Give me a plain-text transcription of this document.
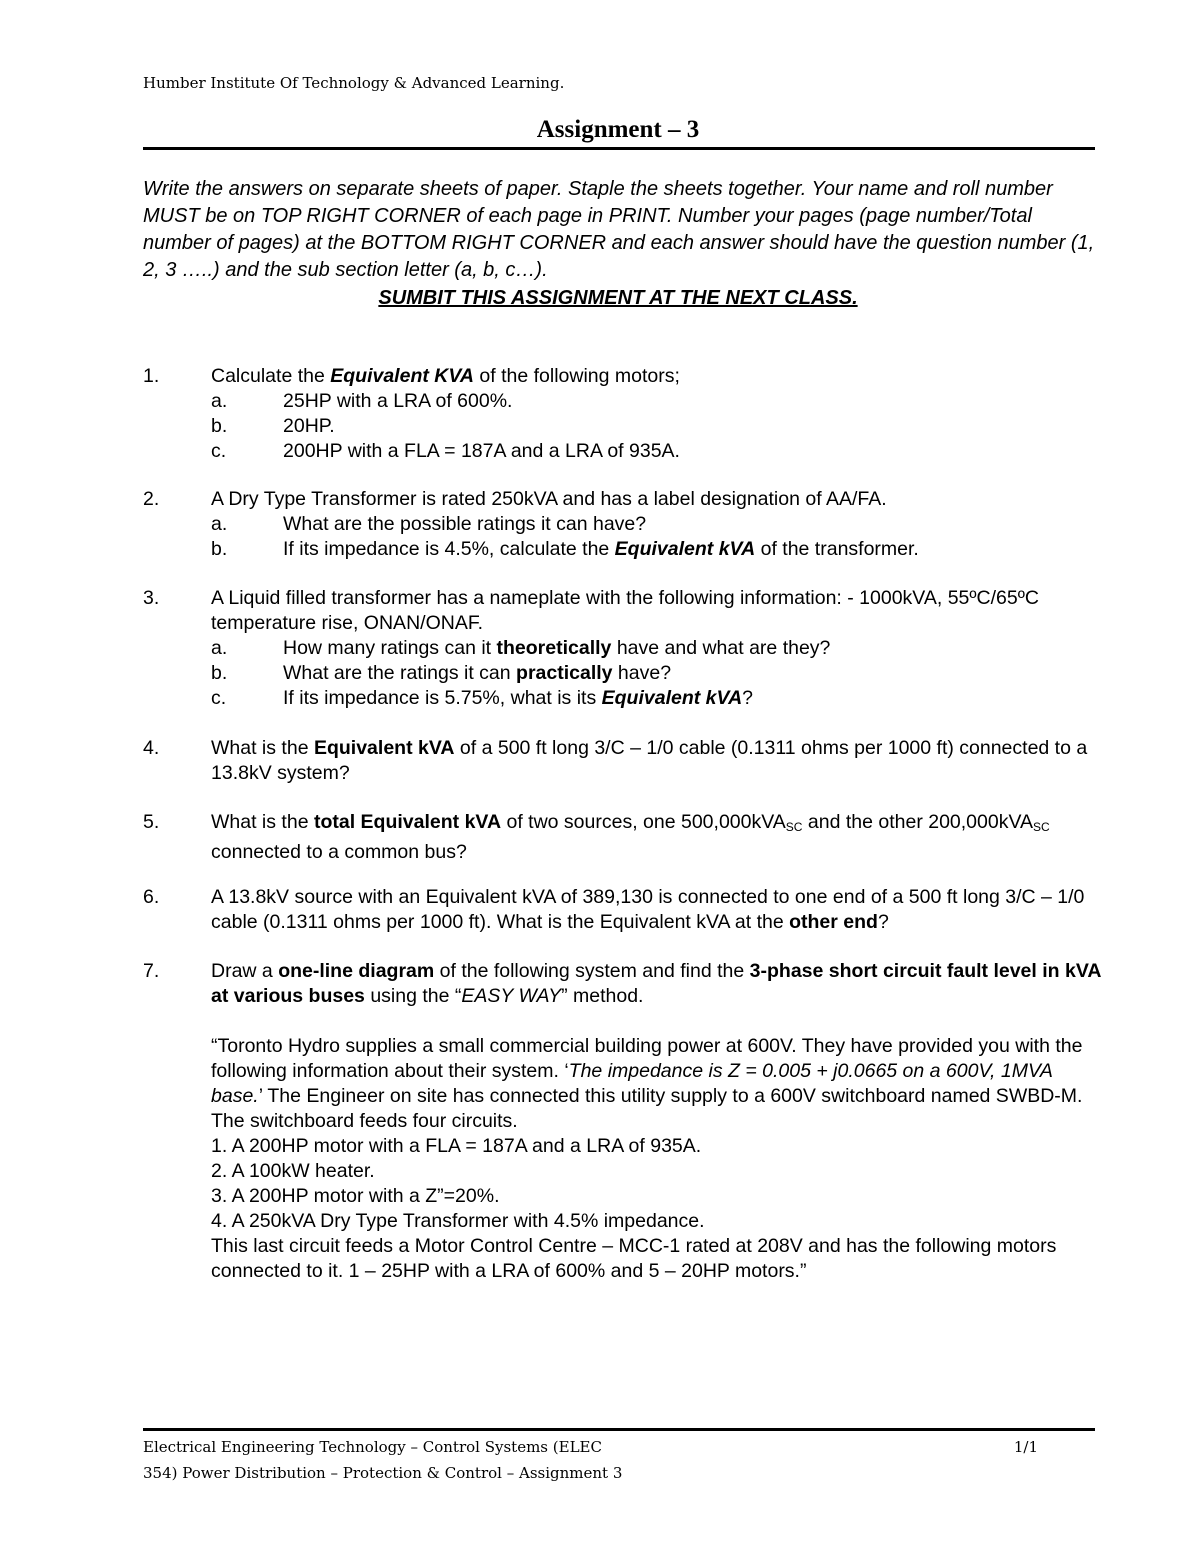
Humber Institute Of Technology & Advanced Learning.
Assignment – 3
Write the answers on separate sheets of paper. Staple the sheets together. Your name and roll number MUST be on TOP RIGHT CORNER of each page in PRINT. Number your pages (page number/Total number of pages) at the BOTTOM RIGHT CORNER and each answer should have the question number (1, 2, 3 …..) and the sub section letter (a, b, c…).
SUMBIT THIS ASSIGNMENT AT THE NEXT CLASS.
1.	Calculate the Equivalent KVA of the following motors;
a.	25HP with a LRA of 600%.
b.	20HP.
c.	200HP with a FLA = 187A and a LRA of 935A.
2.	A Dry Type Transformer is rated 250kVA and has a label designation of AA/FA.
a.	What are the possible ratings it can have?
b.	If its impedance is 4.5%, calculate the Equivalent kVA of the transformer.
3.	A Liquid filled transformer has a nameplate with the following information: - 1000kVA, 55ºC/65ºC temperature rise, ONAN/ONAF.
a.	How many ratings can it theoretically have and what are they?
b.	What are the ratings it can practically have?
c.	If its impedance is 5.75%, what is its Equivalent kVA?
4.	What is the Equivalent kVA of a 500 ft long 3/C – 1/0 cable (0.1311 ohms per 1000 ft) connected to a 13.8kV system?
5.	What is the total Equivalent kVA of two sources, one 500,000kVA$_{SC}$ and the other 200,000kVA$_{SC}$ connected to a common bus?
6.	A 13.8kV source with an Equivalent kVA of 389,130 is connected to one end of a 500 ft long 3/C – 1/0 cable (0.1311 ohms per 1000 ft). What is the Equivalent kVA at the other end?
7.	Draw a one-line diagram of the following system and find the 3-phase short circuit fault level in kVA at various buses using the “EASY WAY” method.
“Toronto Hydro supplies a small commercial building power at 600V. They have provided you with the following information about their system. ‘The impedance is Z = 0.005 + j0.0665 on a 600V, 1MVA base.’ The Engineer on site has connected this utility supply to a 600V switchboard named SWBD-M. The switchboard feeds four circuits.
1. A 200HP motor with a FLA = 187A and a LRA of 935A.
2. A 100kW heater.
3. A 200HP motor with a Z”=20%.
4. A 250kVA Dry Type Transformer with 4.5% impedance.
This last circuit feeds a Motor Control Centre – MCC-1 rated at 208V and has the following motors connected to it. 1 – 25HP with a LRA of 600% and 5 – 20HP motors.”
Electrical Engineering Technology – Control Systems (ELEC
354) Power Distribution – Protection & Control – Assignment 3
1/1
